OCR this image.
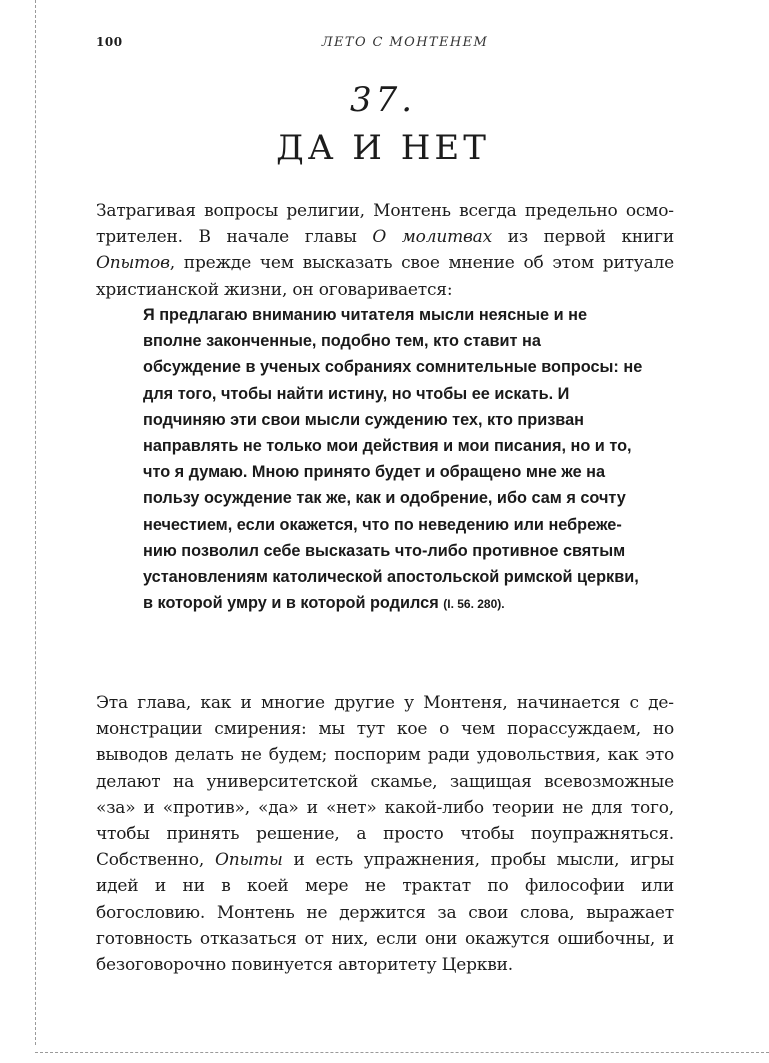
100	ЛЕТО С МОНТЕНЕМ
37.
ДА И НЕТ

Затрагивая вопросы религии, Монтень всегда предельно осмотрителен. В начале главы О молитвах из первой книги Опытов, прежде чем высказать свое мнение об этом ритуале христианской жизни, он оговаривается:

Я предлагаю вниманию читателя мысли неясные и не вполне законченные, подобно тем, кто ставит на обсуждение в ученых собраниях сомнительные вопросы: не для того, чтобы найти истину, но чтобы ее искать. И подчиняю эти свои мысли суждению тех, кто призван направлять не только мои действия и мои писания, но и то, что я думаю. Мною принято будет и обращено мне же на пользу осуждение так же, как и одобрение, ибо сам я сочту нечестием, если окажется, что по неведению или небрежению позволил себе высказать что-либо противное святым установлениям католической апостольской римской церкви, в которой умру и в которой родился (I. 56. 280).

Эта глава, как и многие другие у Монтеня, начинается с демонстрации смирения: мы тут кое о чем порассуждаем, но выводов делать не будем; поспорим ради удовольствия, как это делают на университетской скамье, защищая всевозможные «за» и «против», «да» и «нет» какой-либо теории не для того, чтобы принять решение, а просто чтобы поупражняться. Собственно, Опыты и есть упражнения, пробы мысли, игры идей и ни в коей мере не трактат по философии или богословию. Монтень не держится за свои слова, выражает готовность отказаться от них, если они окажутся ошибочны, и безоговорочно повинуется авторитету Церкви.
